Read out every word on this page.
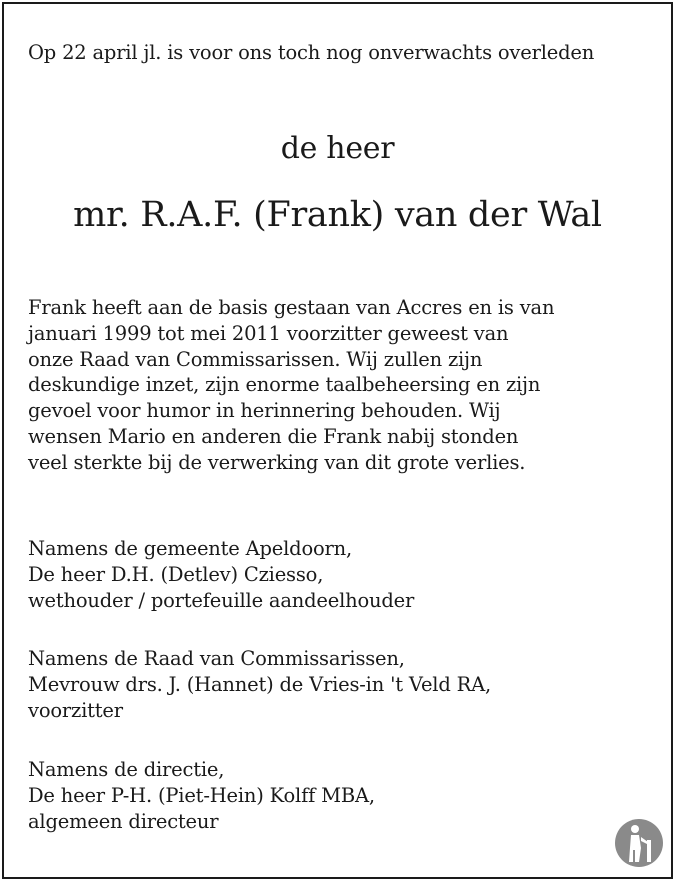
Op 22 april jl. is voor ons toch nog onverwachts overleden
de heer
mr. R.A.F. (Frank) van der Wal
Frank heeft aan de basis gestaan van Accres en is van
januari 1999 tot mei 2011 voorzitter geweest van
onze Raad van Commissarissen. Wij zullen zijn
deskundige inzet, zijn enorme taalbeheersing en zijn
gevoel voor humor in herinnering behouden. Wij
wensen Mario en anderen die Frank nabij stonden
veel sterkte bij de verwerking van dit grote verlies.
Namens de gemeente Apeldoorn,
De heer D.H. (Detlev) Cziesso,
wethouder / portefeuille aandeelhouder
Namens de Raad van Commissarissen,
Mevrouw drs. J. (Hannet) de Vries-in 't Veld RA,
voorzitter
Namens de directie,
De heer P-H. (Piet-Hein) Kolff MBA,
algemeen directeur
